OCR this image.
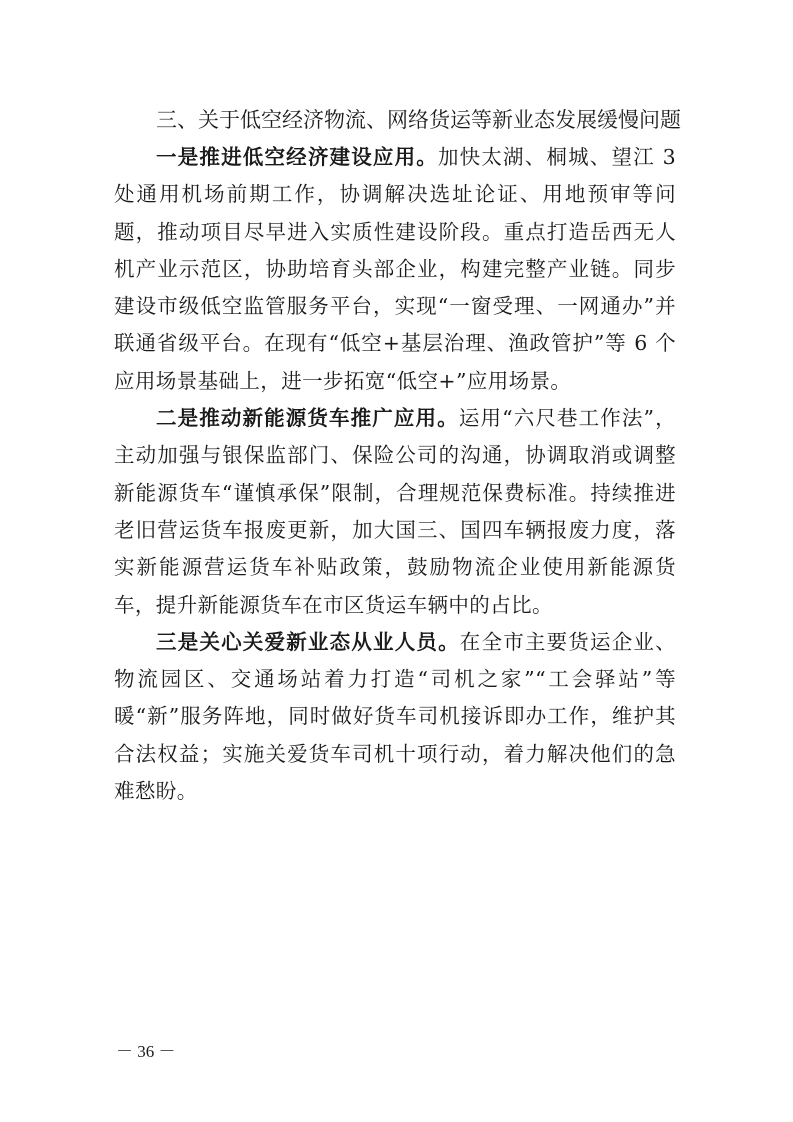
三、关于低空经济物流、网络货运等新业态发展缓慢问题

一是推进低空经济建设应用。加快太湖、桐城、望江 3 处通用机场前期工作，协调解决选址论证、用地预审等问题，推动项目尽早进入实质性建设阶段。重点打造岳西无人机产业示范区，协助培育头部企业，构建完整产业链。同步建设市级低空监管服务平台，实现“一窗受理、一网通办”并联通省级平台。在现有“低空+基层治理、渔政管护”等 6 个应用场景基础上，进一步拓宽“低空+”应用场景。

二是推动新能源货车推广应用。运用“六尺巷工作法”，主动加强与银保监部门、保险公司的沟通，协调取消或调整新能源货车“谨慎承保”限制，合理规范保费标准。持续推进老旧营运货车报废更新，加大国三、国四车辆报废力度，落实新能源营运货车补贴政策，鼓励物流企业使用新能源货车，提升新能源货车在市区货运车辆中的占比。

三是关心关爱新业态从业人员。在全市主要货运企业、物流园区、交通场站着力打造“司机之家”“工会驿站”等暖“新”服务阵地，同时做好货车司机接诉即办工作，维护其合法权益；实施关爱货车司机十项行动，着力解决他们的急难愁盼。

－ 36 －
